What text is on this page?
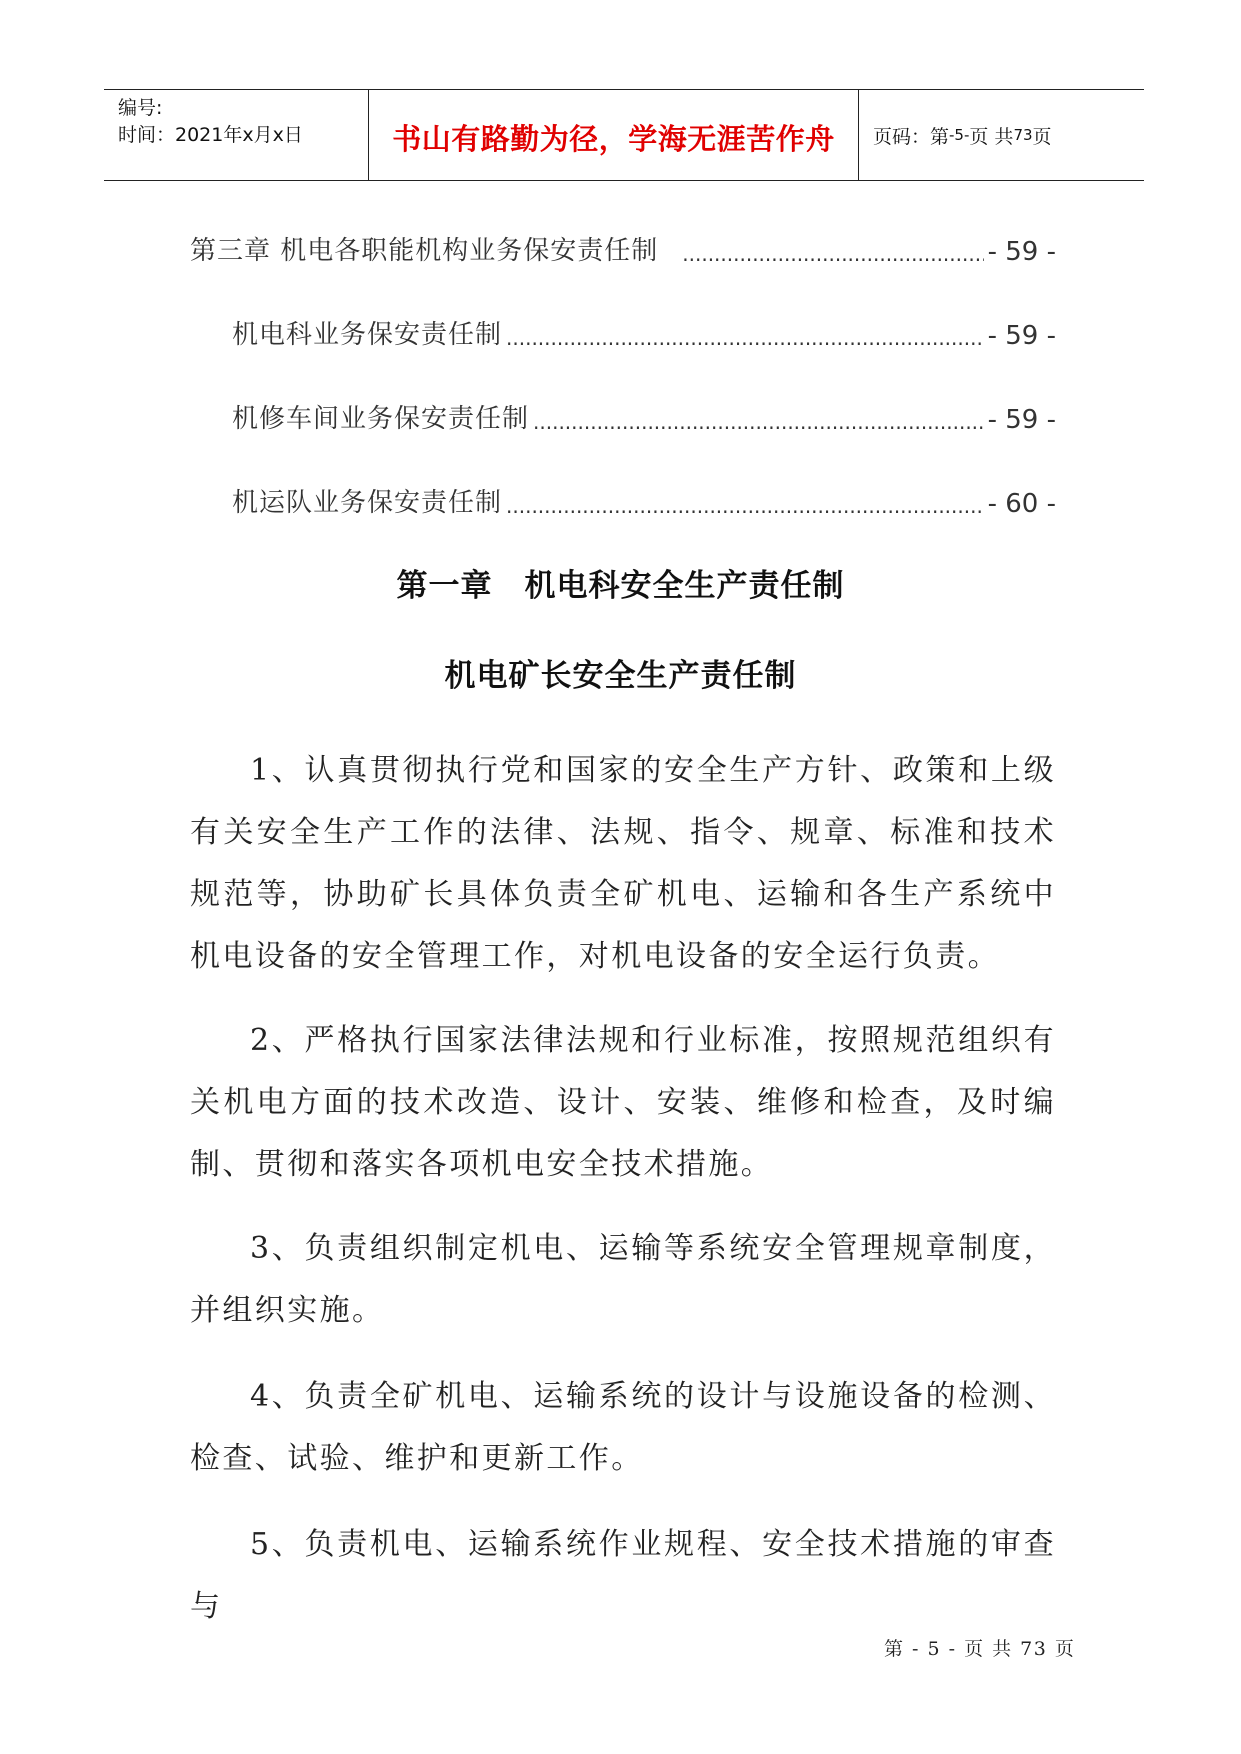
编号:
时间：2021年x月x日	书山有路勤为径，学海无涯苦作舟 页码：第 -5- 页 共 73 页
第三章 机电各职能机构业务保安责任制 .....	- 59 -
机电科业务保安责任制 .....	- 59 -
机修车间业务保安责任制 .....	- 59 -
机运队业务保安责任制 .....	- 60 -
第一章　机电科安全生产责任制
机电矿长安全生产责任制

1、认真贯彻执行党和国家的安全生产方针、政策和上级有关安全生产工作的法律、法规、指令、规章、标准和技术规范等，协助矿长具体负责全矿机电、运输和各生产系统中机电设备的安全管理工作，对机电设备的安全运行负责。

2、严格执行国家法律法规和行业标准，按照规范组织有关机电方面的技术改造、设计、安装、维修和检查，及时编制、贯彻和落实各项机电安全技术措施。

3、负责组织制定机电、运输等系统安全管理规章制度，并组织实施。

4、负责全矿机电、运输系统的设计与设施设备的检测、检查、试验、维护和更新工作。

5、负责机电、运输系统作业规程、安全技术措施的审查与

第 - 5 - 页 共 73 页
